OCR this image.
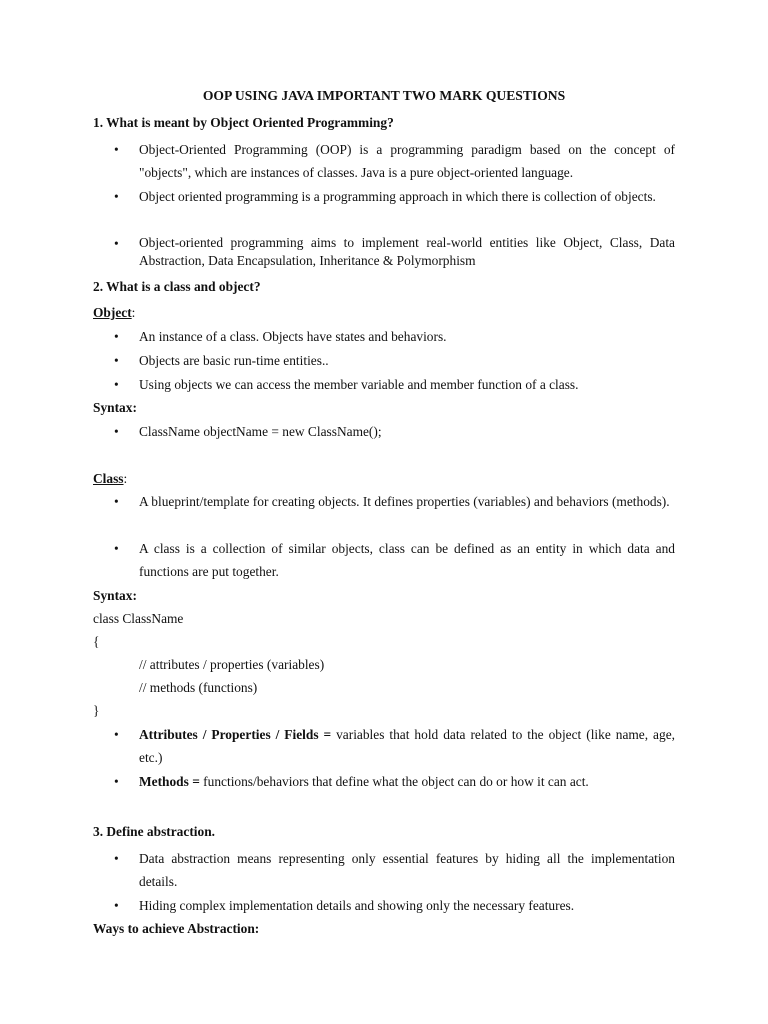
OOP USING JAVA IMPORTANT TWO MARK QUESTIONS

1. What is meant by Object Oriented Programming?

•	Object-Oriented Programming (OOP) is a programming paradigm based on the concept of "objects", which are instances of classes. Java is a pure object-oriented language.

•	Object oriented programming is a programming approach in which there is collection of objects.

•	Object-oriented programming aims to implement real-world entities like Object, Class, Data Abstraction, Data Encapsulation, Inheritance & Polymorphism

2. What is a class and object?

Object:

•	An instance of a class. Objects have states and behaviors.

•	Objects are basic run-time entities..

•	Using objects we can access the member variable and member function of a class.

Syntax:

•	ClassName objectName = new ClassName();

Class:

•	A blueprint/template for creating objects. It defines properties (variables) and behaviors (methods).

•	A class is a collection of similar objects, class can be defined as an entity in which data and functions are put together.

Syntax:

class ClassName

{

// attributes / properties (variables)

// methods (functions)

}

•	Attributes / Properties / Fields = variables that hold data related to the object (like name, age, etc.)

•	Methods = functions/behaviors that define what the object can do or how it can act.

3. Define abstraction.

•	Data abstraction means representing only essential features by hiding all the implementation details.

•	Hiding complex implementation details and showing only the necessary features.

Ways to achieve Abstraction:
